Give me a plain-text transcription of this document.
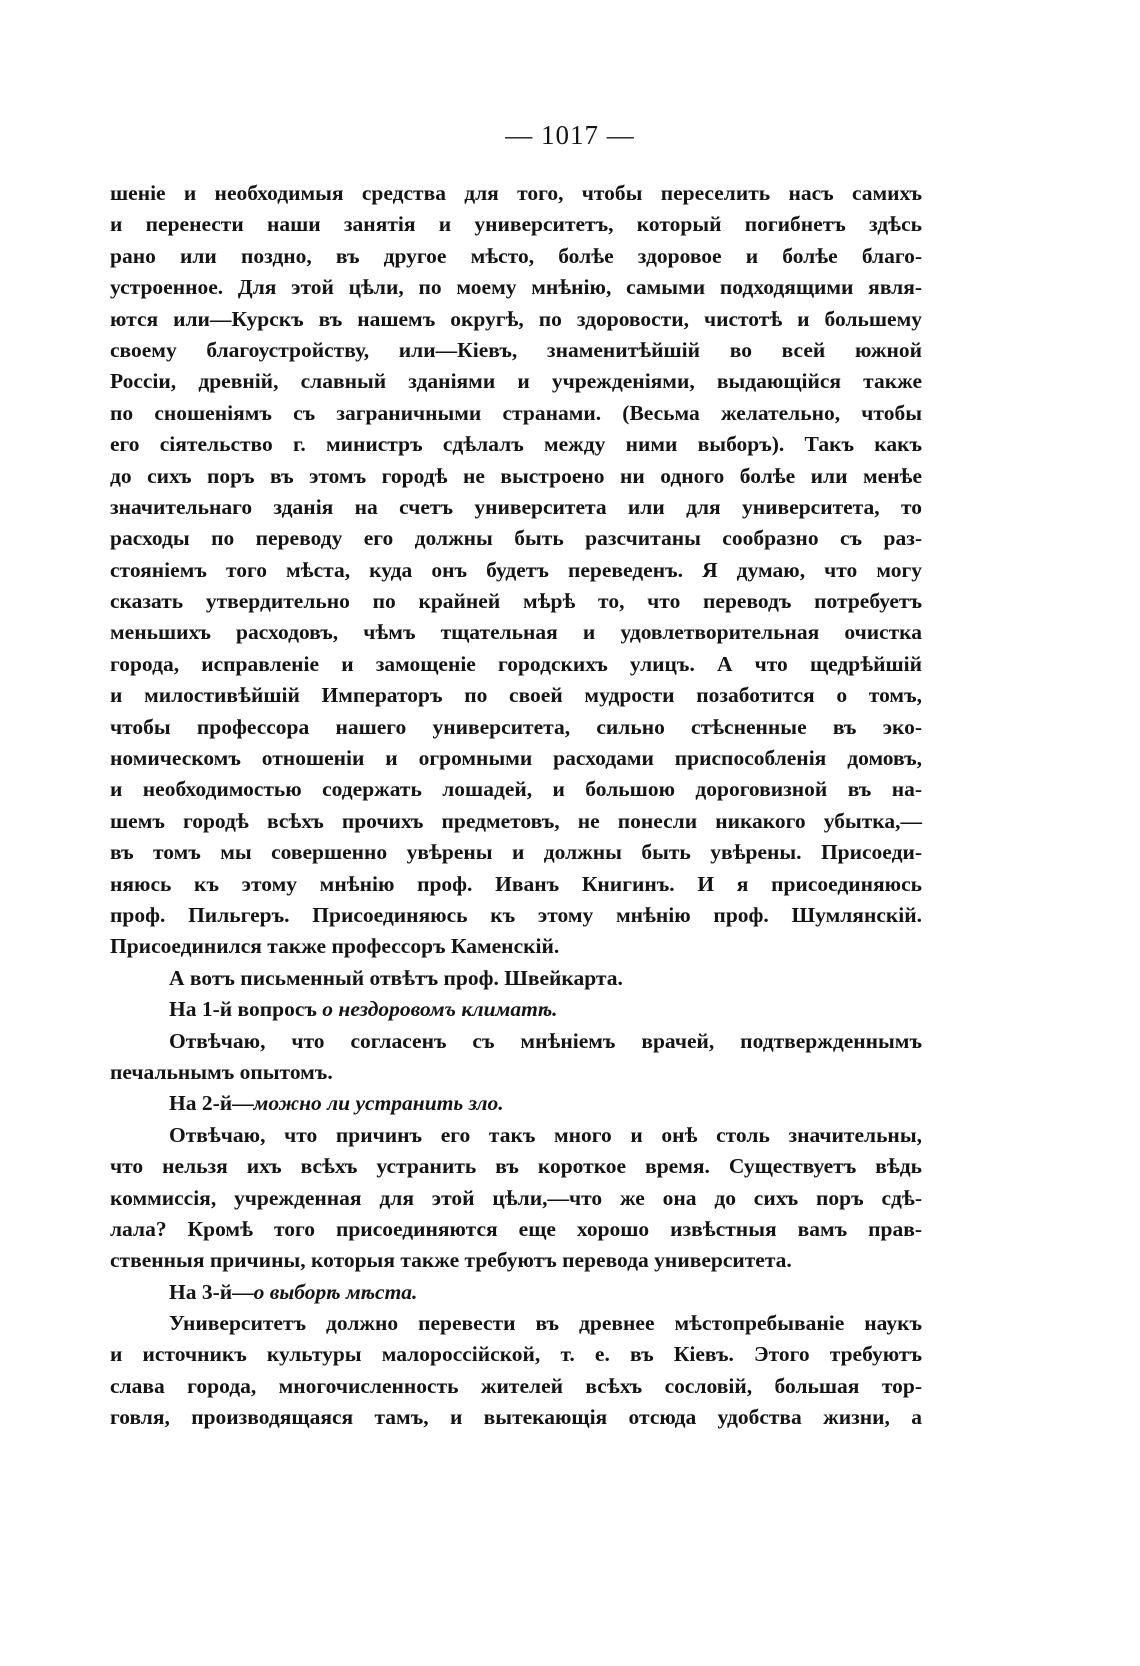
— 1017 —
шеніе и необходимыя средства для того, чтобы переселить насъ самихъ
и перенести наши занятія и университетъ, который погибнетъ здѣсь
рано или поздно, въ другое мѣсто, болѣе здоровое и болѣе благо-
устроенное. Для этой цѣли, по моему мнѣнію, самыми подходящими явля-
ются или—Курскъ въ нашемъ округѣ, по здоровости, чистотѣ и большему
своему благоустройству, или—Кіевъ, знаменитѣйшій во всей южной
Россіи, древній, славный зданіями и учрежденіями, выдающійся также
по сношеніямъ съ заграничными странами. (Весьма желательно, чтобы
его сіятельство г. министръ сдѣлалъ между ними выборъ). Такъ какъ
до сихъ поръ въ этомъ городѣ не выстроено ни одного болѣе или менѣе
значительнаго зданія на счетъ университета или для университета, то
расходы по переводу его должны быть разсчитаны сообразно съ раз-
стояніемъ того мѣста, куда онъ будетъ переведенъ. Я думаю, что могу
сказать утвердительно по крайней мѣрѣ то, что переводъ потребуетъ
меньшихъ расходовъ, чѣмъ тщательная и удовлетворительная очистка
города, исправленіе и замощеніе городскихъ улицъ. А что щедрѣйшій
и милостивѣйшій Императоръ по своей мудрости позаботится о томъ,
чтобы профессора нашего университета, сильно стѣсненные въ эко-
номическомъ отношеніи и огромными расходами приспособленія домовъ,
и необходимостью содержать лошадей, и большою дороговизной въ на-
шемъ городѣ всѣхъ прочихъ предметовъ, не понесли никакого убытка,—
въ томъ мы совершенно увѣрены и должны быть увѣрены. Присоеди-
няюсь къ этому мнѣнію проф. Иванъ Книгинъ. И я присоединяюсь
проф. Пильгеръ. Присоединяюсь къ этому мнѣнію проф. Шумлянскій.
Присоединился также профессоръ Каменскій.
А вотъ письменный отвѣтъ проф. Швейкарта.
На 1-й вопросъ о нездоровомъ климатѣ.
Отвѣчаю, что согласенъ съ мнѣніемъ врачей, подтвержденнымъ
печальнымъ опытомъ.
На 2-й—можно ли устранить зло.
Отвѣчаю, что причинъ его такъ много и онѣ столь значительны,
что нельзя ихъ всѣхъ устранить въ короткое время. Существуетъ вѣдь
коммиссія, учрежденная для этой цѣли,—что же она до сихъ поръ сдѣ-
лала? Кромѣ того присоединяются еще хорошо извѣстныя вамъ прав-
ственныя причины, которыя также требуютъ перевода университета.
На 3-й—о выборѣ мѣста.
Университетъ должно перевести въ древнее мѣстопребываніе наукъ
и источникъ культуры малороссійской, т. е. въ Кіевъ. Этого требуютъ
слава города, многочисленность жителей всѣхъ сословій, большая тор-
говля, производящаяся тамъ, и вытекающія отсюда удобства жизни, а
